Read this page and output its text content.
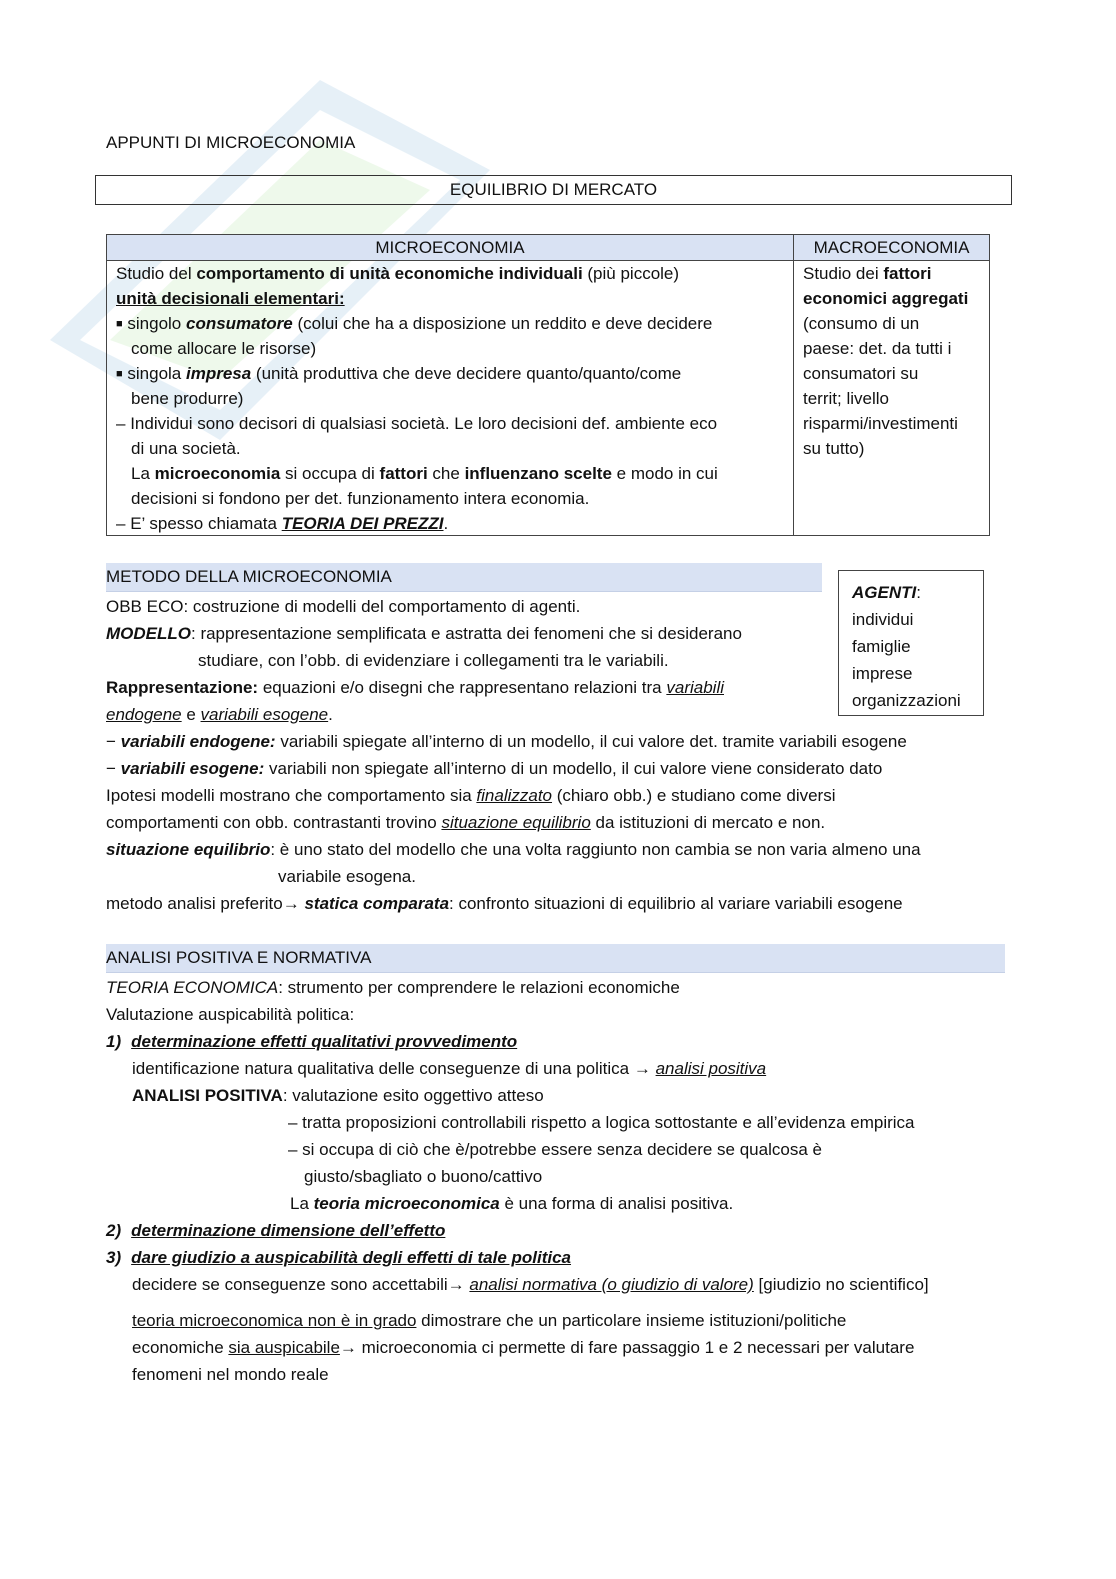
APPUNTI DI MICROECONOMIA
EQUILIBRIO DI MERCATO
MICROECONOMIA	MACROECONOMIA
Studio del comportamento di unità economiche individuali (più piccole)
unità decisionali elementari:
■ singolo consumatore (colui che ha a disposizione un reddito e deve decidere
come allocare le risorse)
■ singola impresa (unità produttiva che deve decidere quanto/quanto/come
bene produrre)
– Individui sono decisori di qualsiasi società. Le loro decisioni def. ambiente eco
di una società.
La microeconomia si occupa di fattori che influenzano scelte e modo in cui
decisioni si fondono per det. funzionamento intera economia.
– E’ spesso chiamata TEORIA DEI PREZZI.
Studio dei fattori
economici aggregati
(consumo di un
paese: det. da tutti i
consumatori su
territ; livello
risparmi/investimenti
su tutto)
METODO DELLA MICROECONOMIA
AGENTI:
individui
famiglie
imprese
organizzazioni
OBB ECO: costruzione di modelli del comportamento di agenti.
MODELLO: rappresentazione semplificata e astratta dei fenomeni che si desiderano
studiare, con l’obb. di evidenziare i collegamenti tra le variabili.
Rappresentazione: equazioni e/o disegni che rappresentano relazioni tra variabili
endogene e variabili esogene.
− variabili endogene: variabili spiegate all’interno di un modello, il cui valore det. tramite variabili esogene
− variabili esogene: variabili non spiegate all’interno di un modello, il cui valore viene considerato dato
Ipotesi modelli mostrano che comportamento sia finalizzato (chiaro obb.) e studiano come diversi
comportamenti con obb. contrastanti trovino situazione equilibrio da istituzioni di mercato e non.
situazione equilibrio: è uno stato del modello che una volta raggiunto non cambia se non varia almeno una
variabile esogena.
metodo analisi preferito→ statica comparata: confronto situazioni di equilibrio al variare variabili esogene
ANALISI POSITIVA E NORMATIVA
TEORIA ECONOMICA: strumento per comprendere le relazioni economiche
Valutazione auspicabilità politica:
1) determinazione effetti qualitativi provvedimento
identificazione natura qualitativa delle conseguenze di una politica → analisi positiva
ANALISI POSITIVA: valutazione esito oggettivo atteso
– tratta proposizioni controllabili rispetto a logica sottostante e all’evidenza empirica
– si occupa di ciò che è/potrebbe essere senza decidere se qualcosa è
giusto/sbagliato o buono/cattivo
La teoria microeconomica è una forma di analisi positiva.
2) determinazione dimensione dell’effetto
3) dare giudizio a auspicabilità degli effetti di tale politica
decidere se conseguenze sono accettabili→ analisi normativa (o giudizio di valore) [giudizio no scientifico]
teoria microeconomica non è in grado dimostrare che un particolare insieme istituzioni/politiche
economiche sia auspicabile→ microeconomia ci permette di fare passaggio 1 e 2 necessari per valutare
fenomeni nel mondo reale
